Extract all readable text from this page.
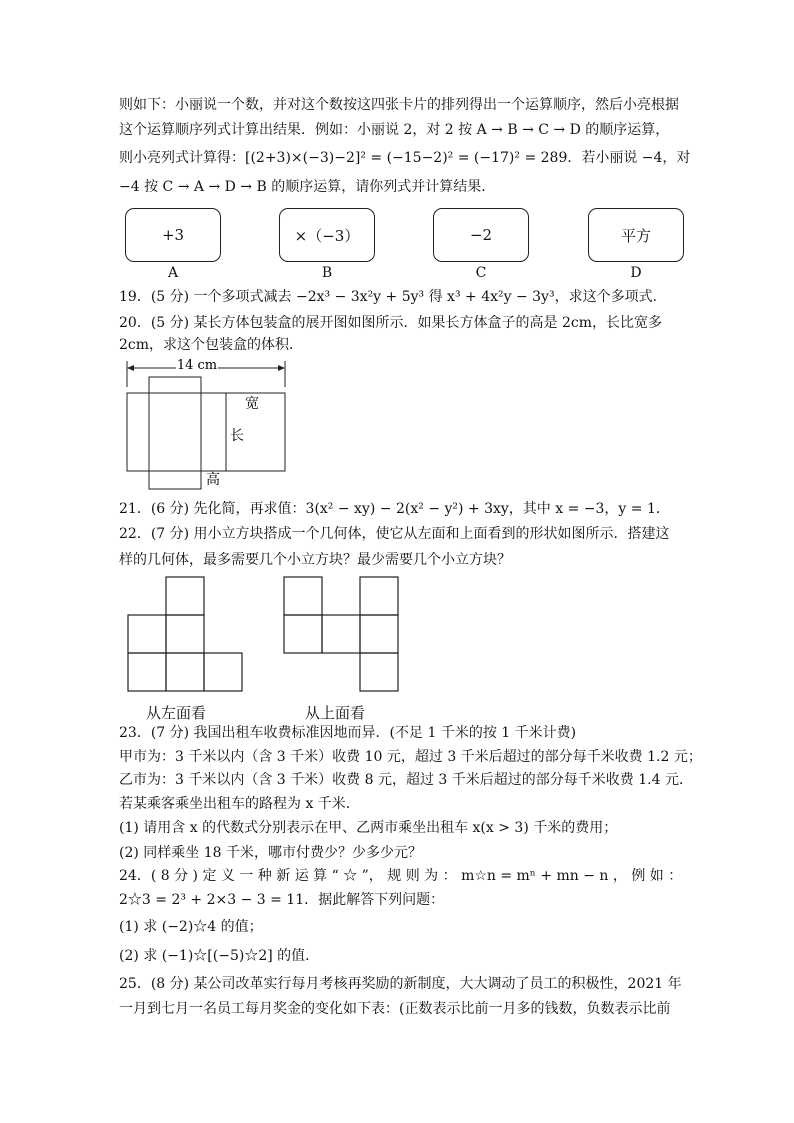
则如下：小丽说一个数，并对这个数按这四张卡片的排列得出一个运算顺序，然后小亮根据
这个运算顺序列式计算出结果．例如：小丽说 2，对 2 按 A → B → C → D 的顺序运算，
则小亮列式计算得：[(2+3)×(−3)−2]² = (−15−2)² = (−17)² = 289．若小丽说 −4，对
−4 按 C → A → D → B 的顺序运算，请你列式并计算结果．
+3	×（−3）	−2	平方
A	B	C	D
19．(5 分) 一个多项式减去 −2x³ − 3x²y + 5y³ 得 x³ + 4x²y − 3y³，求这个多项式．
20．(5 分) 某长方体包装盒的展开图如图所示．如果长方体盒子的高是 2cm，长比宽多
2cm，求这个包装盒的体积．
14 cm
宽
长
高
21．(6 分) 先化简，再求值：3(x² − xy) − 2(x² − y²) + 3xy，其中 x = −3，y = 1．
22．(7 分) 用小立方块搭成一个几何体，使它从左面和上面看到的形状如图所示．搭建这
样的几何体，最多需要几个小立方块？最少需要几个小立方块？
从左面看	从上面看
23．(7 分) 我国出租车收费标准因地而异．(不足 1 千米的按 1 千米计费)
甲市为：3 千米以内（含 3 千米）收费 10 元，超过 3 千米后超过的部分每千米收费 1.2 元；
乙市为：3 千米以内（含 3 千米）收费 8 元，超过 3 千米后超过的部分每千米收费 1.4 元．
若某乘客乘坐出租车的路程为 x 千米．
(1) 请用含 x 的代数式分别表示在甲、乙两市乘坐出租车 x(x > 3) 千米的费用；
(2) 同样乘坐 18 千米，哪市付费少？少多少元？
24．( 8 分 ) 定 义 一 种 新 运 算 “ ☆ ”， 规 则 为 ： m☆n = mⁿ + mn − n ， 例 如 ：
2☆3 = 2³ + 2×3 − 3 = 11．据此解答下列问题：
(1) 求 (−2)☆4 的值；
(2) 求 (−1)☆[(−5)☆2] 的值．
25．(8 分) 某公司改革实行每月考核再奖励的新制度，大大调动了员工的积极性，2021 年
一月到七月一名员工每月奖金的变化如下表：(正数表示比前一月多的钱数，负数表示比前
